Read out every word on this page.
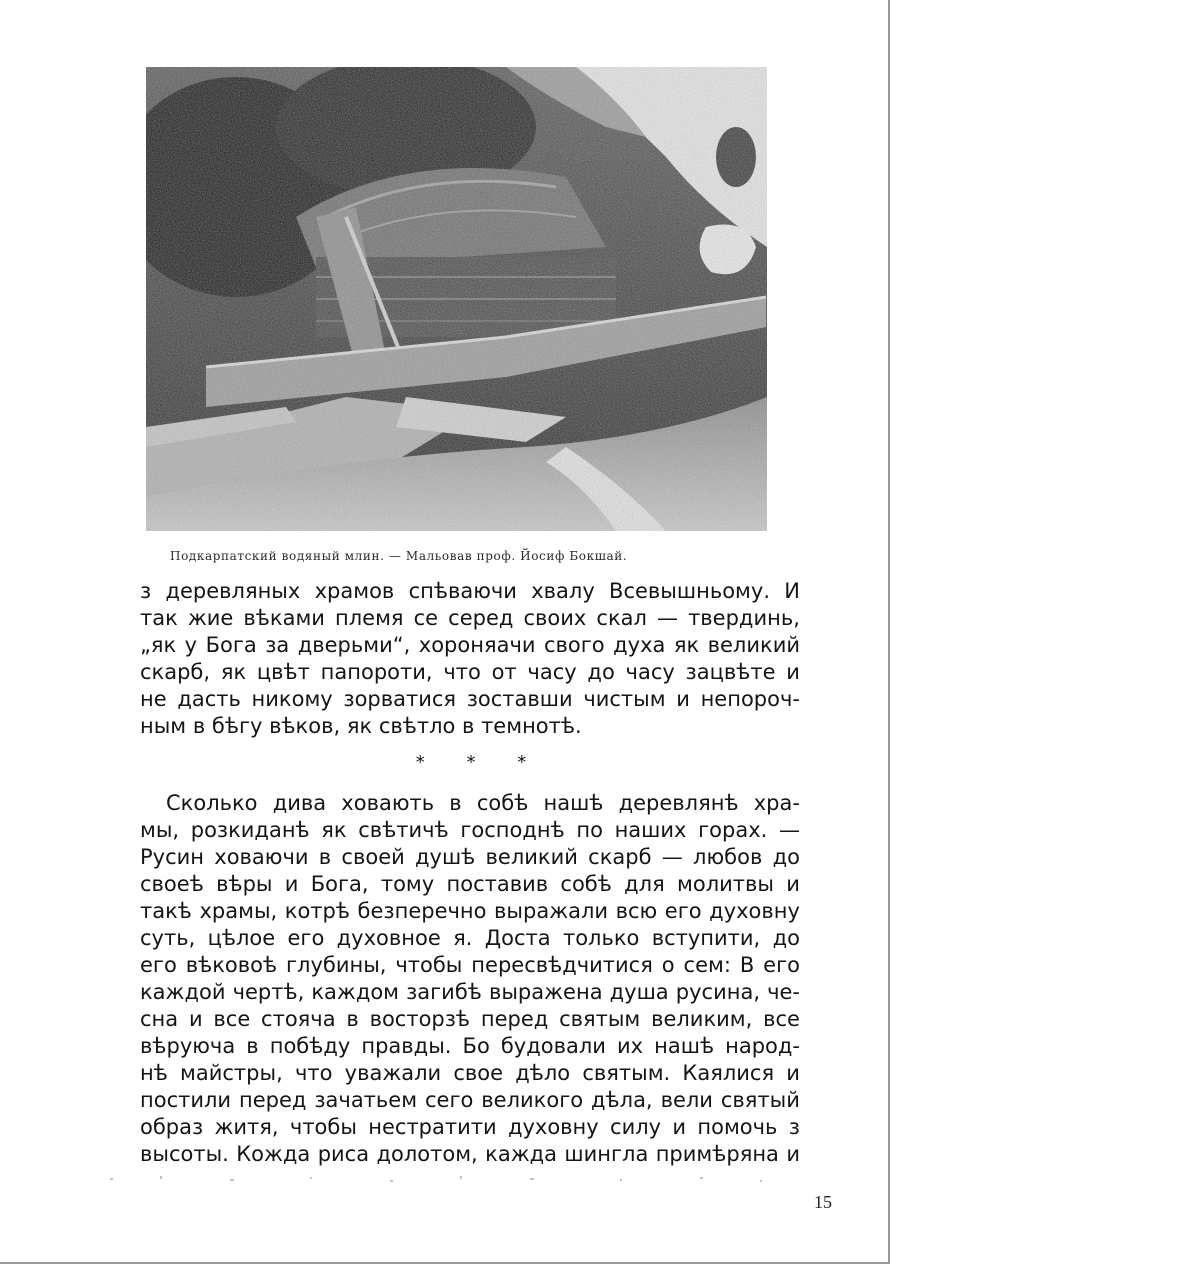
Подкарпатский водяный млин. — Мальовав проф. Йосиф Бокшай.
з деревляных храмов спѣваючи хвалу Всевышньому. И
так жие вѣками племя се серед своих скал — твердинь,
„як у Бога за дверьми“, хороняачи свого духа як великий
скарб, як цвѣт папороти, что от часу до часу зацвѣте и
не дасть никому зорватися зоставши чистым и непороч-
ным в бѣгу вѣков, як свѣтло в темнотѣ.
* * *
Сколько дива ховають в собѣ нашѣ деревлянѣ хра-
мы, розкиданѣ як свѣтичѣ господнѣ по наших горах. —
Русин ховаючи в своей душѣ великий скарб — любов до
своеѣ вѣры и Бога, тому поставив собѣ для молитвы и
такѣ храмы, котрѣ безперечно выражали всю его духовну
суть, цѣлое его духовное я. Доста только вступити, до
его вѣковоѣ глубины, чтобы пересвѣдчитися о сем: В его
каждой чертѣ, каждом загибѣ выражена душа русина, че-
сна и все стояча в восторзѣ перед святым великим, все
вѣруюча в побѣду правды. Бо будовали их нашѣ народ-
нѣ майстры, что уважали свое дѣло святым. Каялися и
постили перед зачатьем сего великого дѣла, вели святый
образ житя, чтобы нестратити духовну силу и помочь з
высоты. Кожда риса долотом, кажда шингла примѣряна и
15
